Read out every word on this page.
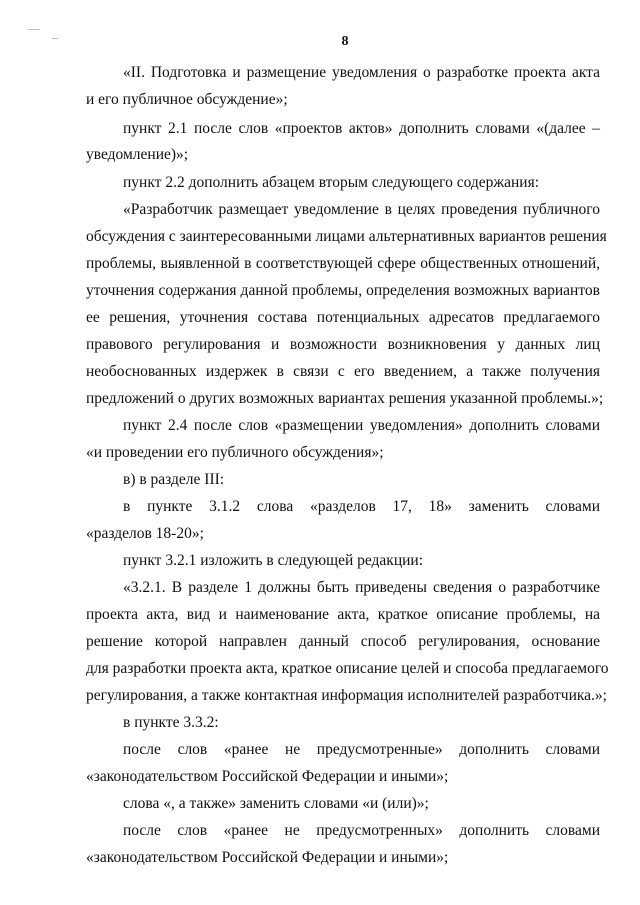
8
«II. Подготовка и размещение уведомления о разработке проекта акта
и его публичное обсуждение»;
пункт 2.1 после слов «проектов актов» дополнить словами «(далее –
уведомление)»;
пункт 2.2 дополнить абзацем вторым следующего содержания:
«Разработчик размещает уведомление в целях проведения публичного
обсуждения с заинтересованными лицами альтернативных вариантов решения
проблемы, выявленной в соответствующей сфере общественных отношений,
уточнения содержания данной проблемы, определения возможных вариантов
ее решения, уточнения состава потенциальных адресатов предлагаемого
правового регулирования и возможности возникновения у данных лиц
необоснованных издержек в связи с его введением, а также получения
предложений о других возможных вариантах решения указанной проблемы.»;
пункт 2.4 после слов «размещении уведомления» дополнить словами
«и проведении его публичного обсуждения»;
в) в разделе III:
в пункте 3.1.2 слова «разделов 17, 18» заменить словами
«разделов 18-20»;
пункт 3.2.1 изложить в следующей редакции:
«3.2.1. В разделе 1 должны быть приведены сведения о разработчике
проекта акта, вид и наименование акта, краткое описание проблемы, на
решение которой направлен данный способ регулирования, основание
для разработки проекта акта, краткое описание целей и способа предлагаемого
регулирования, а также контактная информация исполнителей разработчика.»;
в пункте 3.3.2:
после слов «ранее не предусмотренные» дополнить словами
«законодательством Российской Федерации и иными»;
слова «, а также» заменить словами «и (или)»;
после слов «ранее не предусмотренных» дополнить словами
«законодательством Российской Федерации и иными»;
